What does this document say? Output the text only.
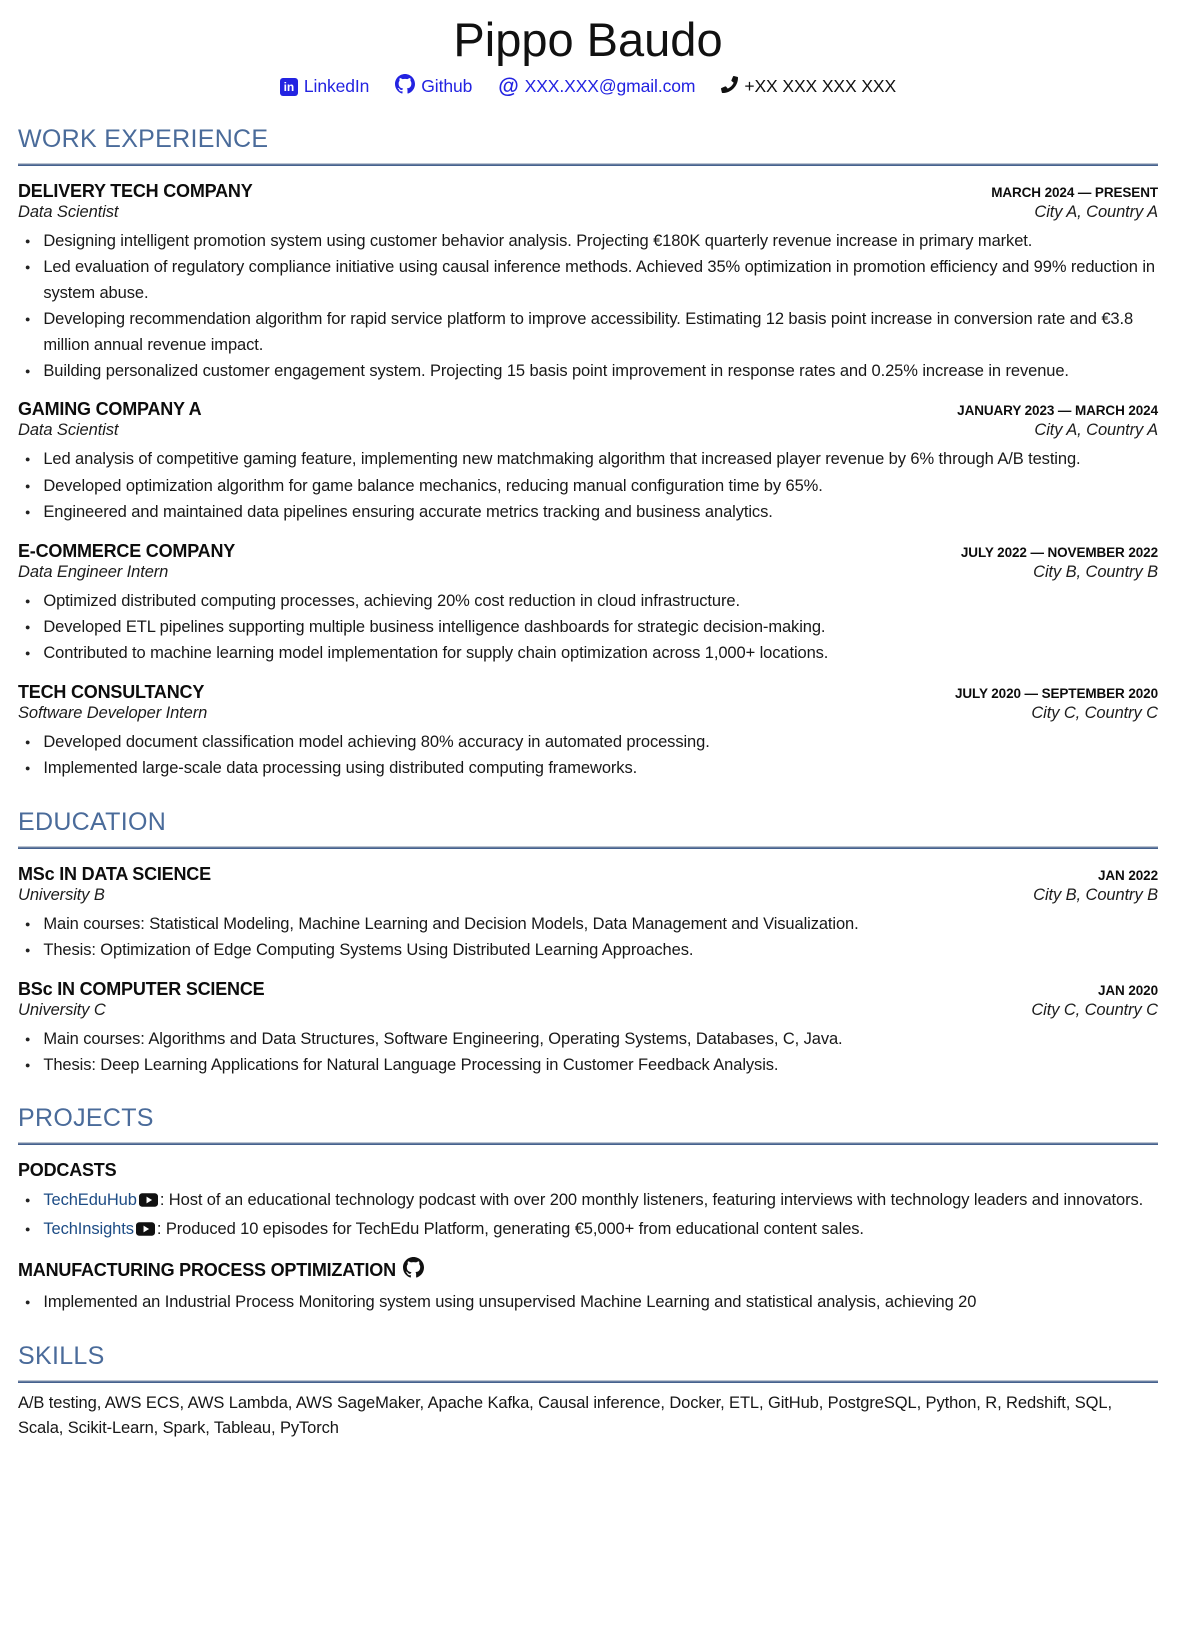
Pippo Baudo
in
LinkedIn	Github @ XXX.XXX@gmail.com	+XX XXX XXX XXX
WORK EXPERIENCE
DELIVERY TECH COMPANY	MARCH 2024 — PRESENT
Data Scientist	City A, Country A
● Designing intelligent promotion system using customer behavior analysis. Projecting €180K quarterly revenue increase in primary market.
● Led evaluation of regulatory compliance initiative using causal inference methods. Achieved 35% optimization in promotion efficiency and 99% reduction in system abuse.
● Developing recommendation algorithm for rapid service platform to improve accessibility. Estimating 12 basis point increase in conversion rate and €3.8 million annual revenue impact.
● Building personalized customer engagement system. Projecting 15 basis point improvement in response rates and 0.25% increase in revenue.
GAMING COMPANY A	JANUARY 2023 — MARCH 2024
Data Scientist	City A, Country A
● Led analysis of competitive gaming feature, implementing new matchmaking algorithm that increased player revenue by 6% through A/B testing.
● Developed optimization algorithm for game balance mechanics, reducing manual configuration time by 65%.
● Engineered and maintained data pipelines ensuring accurate metrics tracking and business analytics.
E-COMMERCE COMPANY	JULY 2022 — NOVEMBER 2022
Data Engineer Intern	City B, Country B
● Optimized distributed computing processes, achieving 20% cost reduction in cloud infrastructure.
● Developed ETL pipelines supporting multiple business intelligence dashboards for strategic decision-making.
● Contributed to machine learning model implementation for supply chain optimization across 1,000+ locations.
TECH CONSULTANCY	JULY 2020 — SEPTEMBER 2020
Software Developer Intern	City C, Country C
● Developed document classification model achieving 80% accuracy in automated processing.
● Implemented large-scale data processing using distributed computing frameworks.
EDUCATION
MSc IN DATA SCIENCE	JAN 2022
University B	City B, Country B
● Main courses: Statistical Modeling, Machine Learning and Decision Models, Data Management and Visualization.
● Thesis: Optimization of Edge Computing Systems Using Distributed Learning Approaches.
BSc IN COMPUTER SCIENCE	JAN 2020
University C	City C, Country C
● Main courses: Algorithms and Data Structures, Software Engineering, Operating Systems, Databases, C, Java.
● Thesis: Deep Learning Applications for Natural Language Processing in Customer Feedback Analysis.
PROJECTS
PODCASTS
● TechEduHub : Host of an educational technology podcast with over 200 monthly listeners, featuring interviews with technology leaders and innovators.
● TechInsights : Produced 10 episodes for TechEdu Platform, generating €5,000+ from educational content sales.
MANUFACTURING PROCESS OPTIMIZATION
● Implemented an Industrial Process Monitoring system using unsupervised Machine Learning and statistical analysis, achieving 20
SKILLS
A/B testing, AWS ECS, AWS Lambda, AWS SageMaker, Apache Kafka, Causal inference, Docker, ETL, GitHub, PostgreSQL, Python, R, Redshift, SQL, Scala, Scikit-Learn, Spark, Tableau, PyTorch
